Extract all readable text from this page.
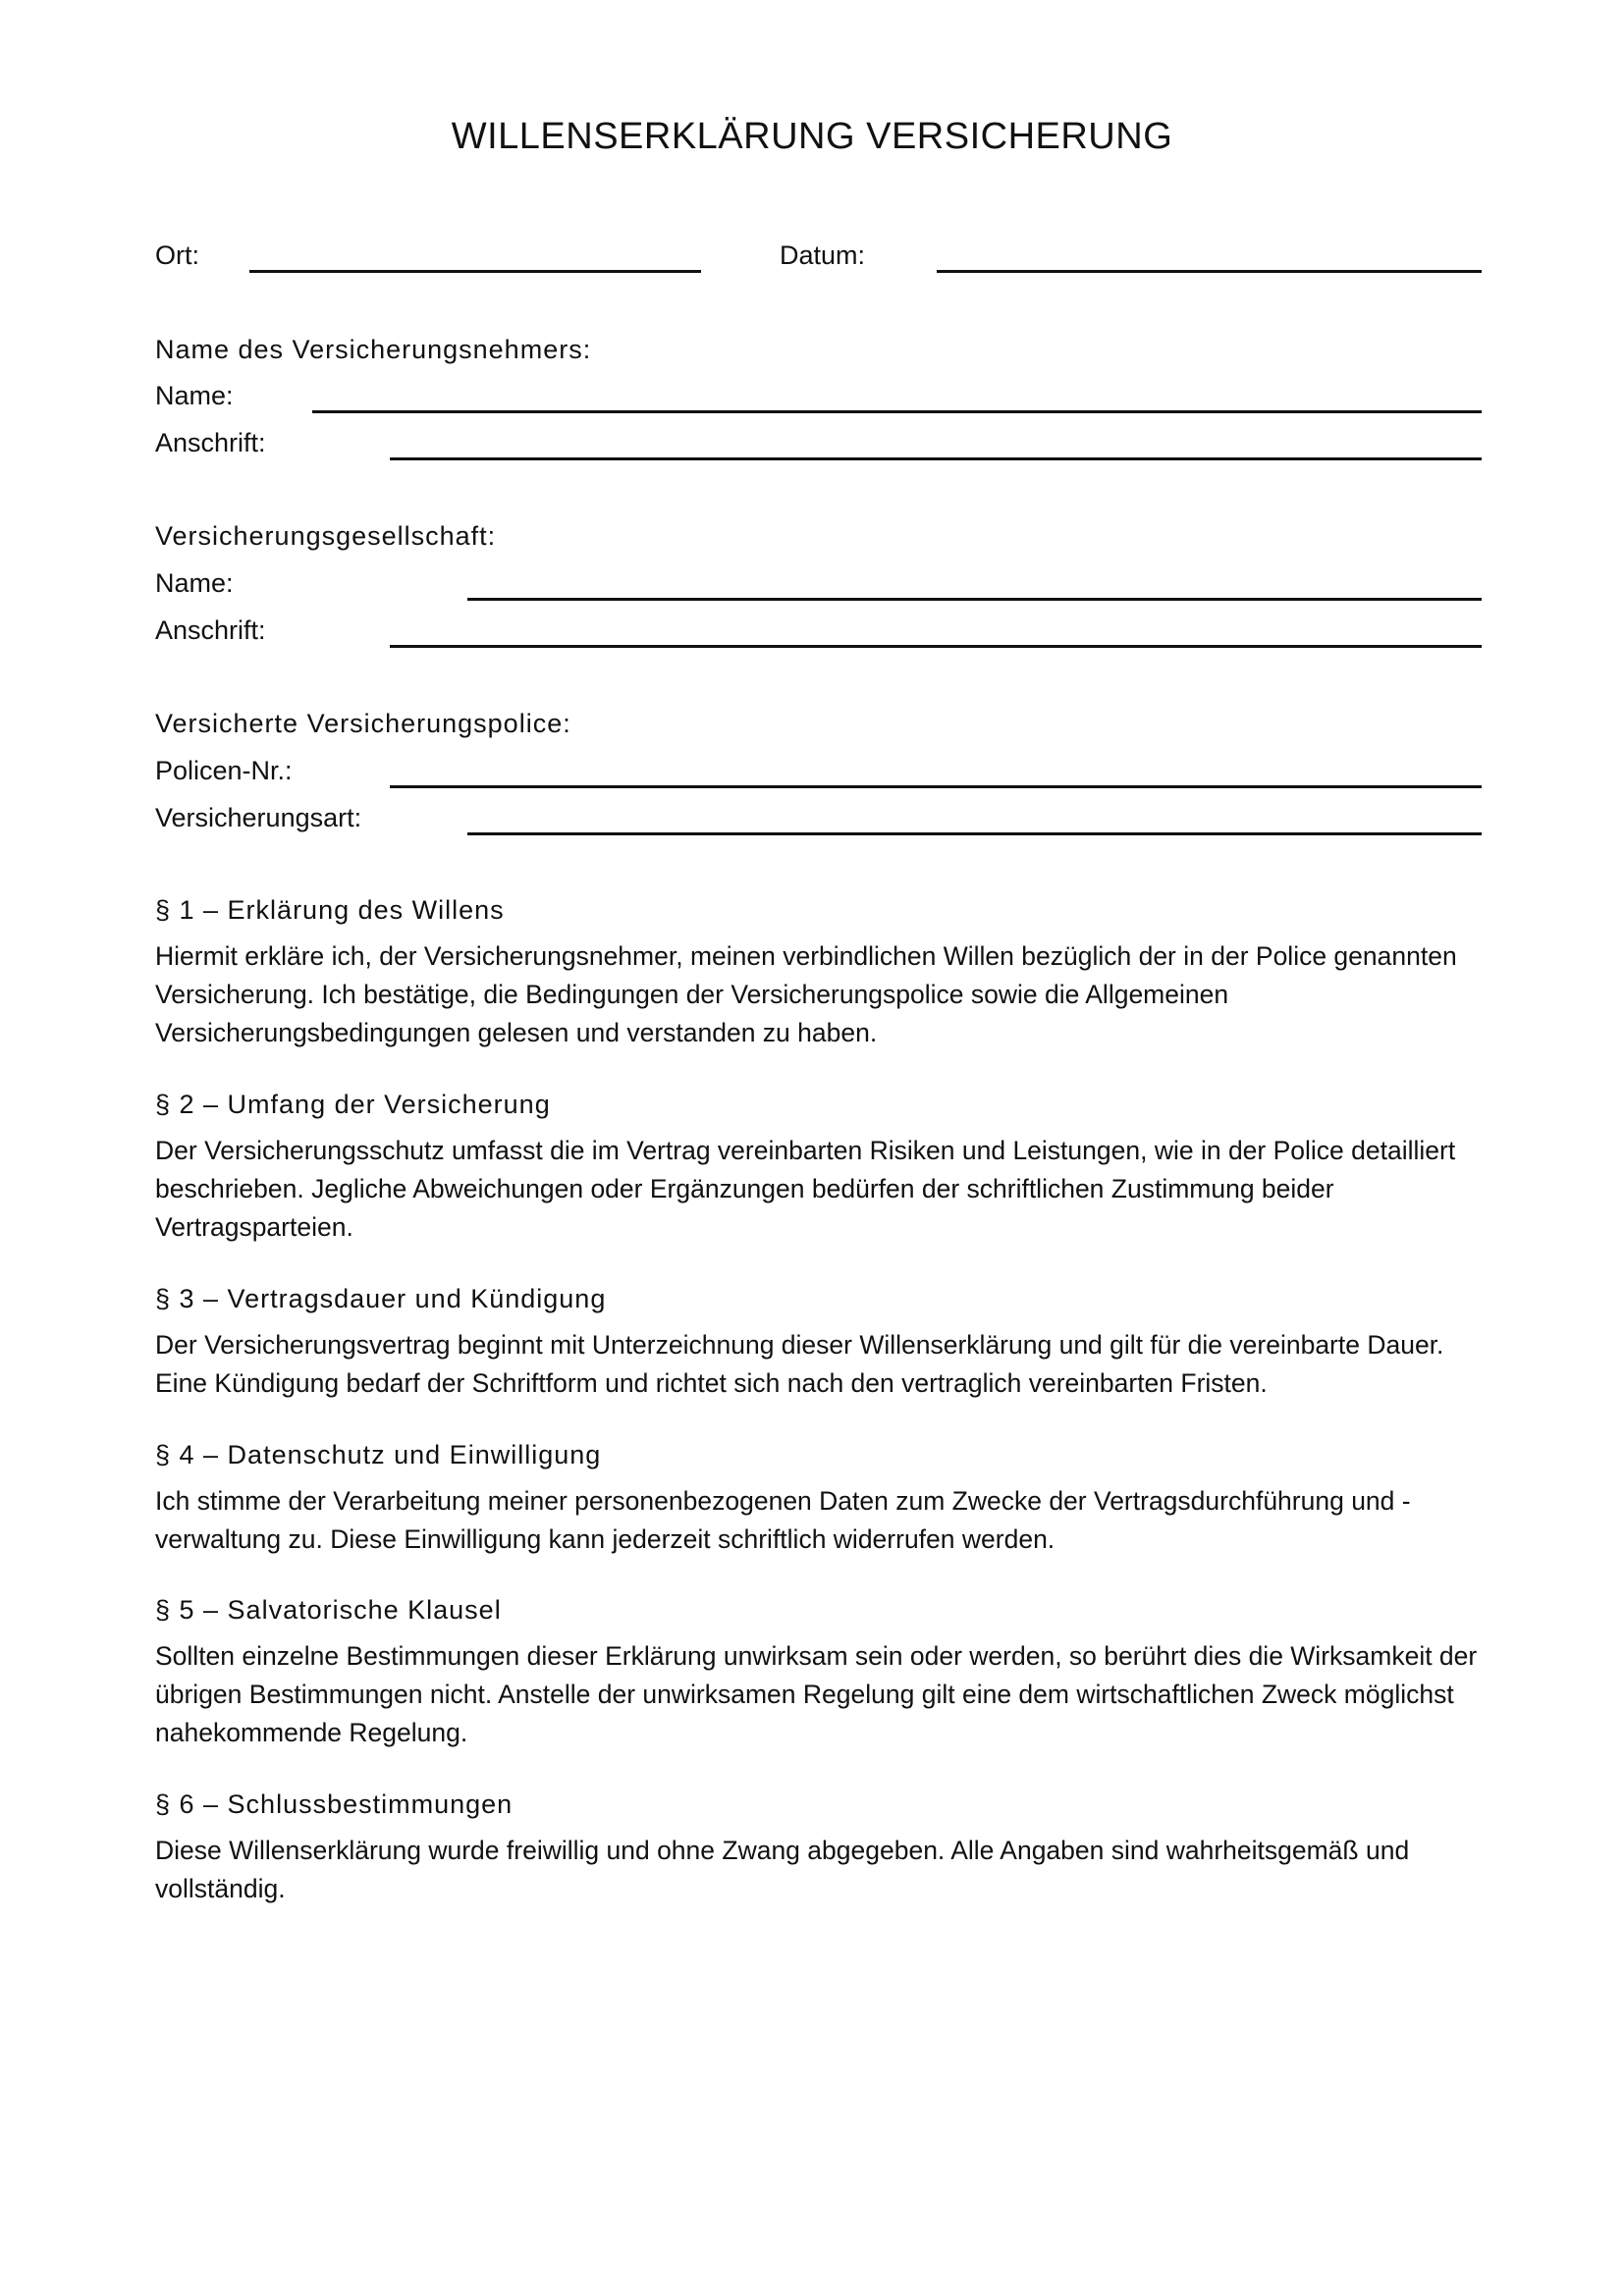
WILLENSERKLÄRUNG VERSICHERUNG
Ort:	Datum:
Name des Versicherungsnehmers:
Name:
Anschrift:
Versicherungsgesellschaft:
Name:
Anschrift:
Versicherte Versicherungspolice:
Policen-Nr.:
Versicherungsart:
§ 1 – Erklärung des Willens
Hiermit erkläre ich, der Versicherungsnehmer, meinen verbindlichen Willen bezüglich der in der Police genannten Versicherung. Ich bestätige, die Bedingungen der Versicherungspolice sowie die Allgemeinen Versicherungsbedingungen gelesen und verstanden zu haben.
§ 2 – Umfang der Versicherung
Der Versicherungsschutz umfasst die im Vertrag vereinbarten Risiken und Leistungen, wie in der Police detailliert beschrieben. Jegliche Abweichungen oder Ergänzungen bedürfen der schriftlichen Zustimmung beider Vertragsparteien.
§ 3 – Vertragsdauer und Kündigung
Der Versicherungsvertrag beginnt mit Unterzeichnung dieser Willenserklärung und gilt für die vereinbarte Dauer. Eine Kündigung bedarf der Schriftform und richtet sich nach den vertraglich vereinbarten Fristen.
§ 4 – Datenschutz und Einwilligung
Ich stimme der Verarbeitung meiner personenbezogenen Daten zum Zwecke der Vertragsdurchführung und -verwaltung zu. Diese Einwilligung kann jederzeit schriftlich widerrufen werden.
§ 5 – Salvatorische Klausel
Sollten einzelne Bestimmungen dieser Erklärung unwirksam sein oder werden, so berührt dies die Wirksamkeit der übrigen Bestimmungen nicht. Anstelle der unwirksamen Regelung gilt eine dem wirtschaftlichen Zweck möglichst nahekommende Regelung.
§ 6 – Schlussbestimmungen
Diese Willenserklärung wurde freiwillig und ohne Zwang abgegeben. Alle Angaben sind wahrheitsgemäß und vollständig.
